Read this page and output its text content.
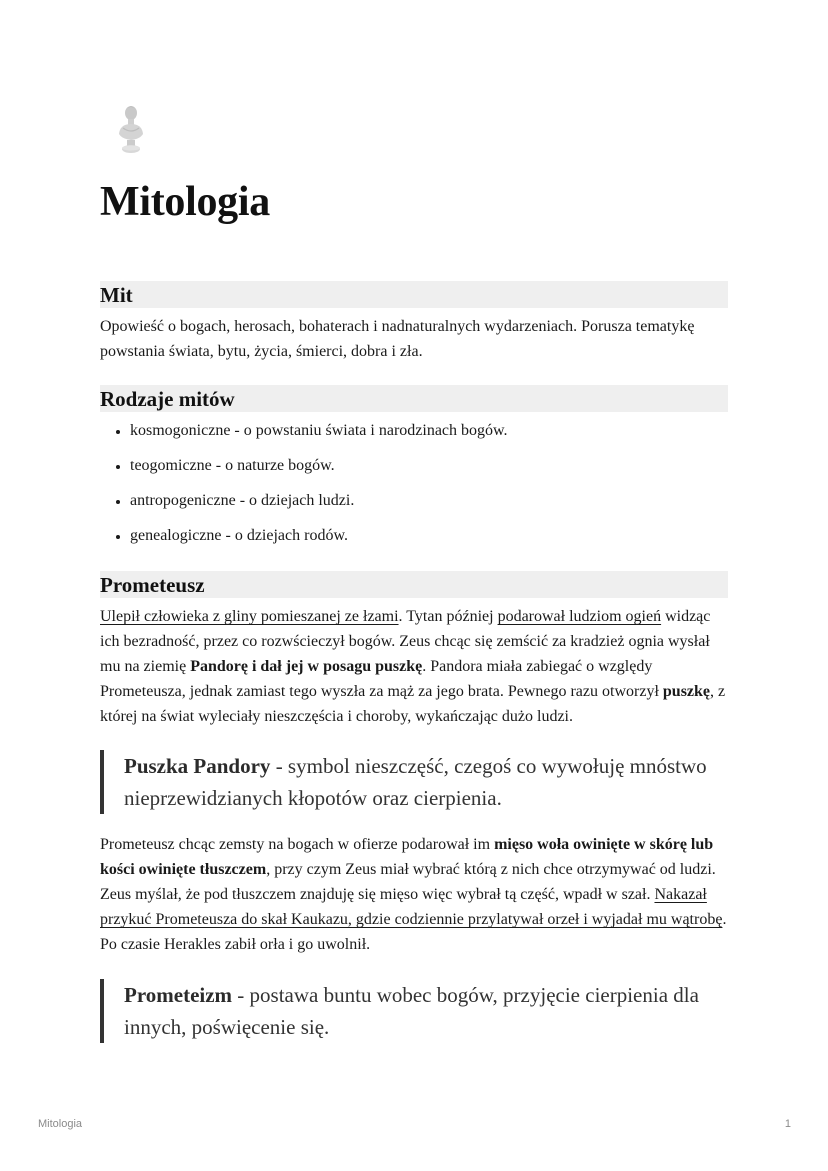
Mitologia
Mit

Opowieść o bogach, herosach, bohaterach i nadnaturalnych wydarzeniach. Porusza tematykę powstania świata, bytu, życia, śmierci, dobra i zła.

Rodzaje mitów
• kosmogoniczne - o powstaniu świata i narodzinach bogów.
• teogomiczne - o naturze bogów.
• antropogeniczne - o dziejach ludzi.
• genealogiczne - o dziejach rodów.
Prometeusz

Ulepił człowieka z gliny pomieszanej ze łzami. Tytan później podarował ludziom ogień widząc ich bezradność, przez co rozwścieczył bogów. Zeus chcąc się zemścić za kradzież ognia wysłał mu na ziemię Pandorę i dał jej w posagu puszkę. Pandora miała zabiegać o względy Prometeusza, jednak zamiast tego wyszła za mąż za jego brata. Pewnego razu otworzył puszkę, z której na świat wyleciały nieszczęścia i choroby, wykańczając dużo ludzi.

Puszka Pandory - symbol nieszczęść, czegoś co wywołuję mnóstwo nieprzewidzianych kłopotów oraz cierpienia.

Prometeusz chcąc zemsty na bogach w ofierze podarował im mięso woła owinięte w skórę lub kości owinięte tłuszczem, przy czym Zeus miał wybrać którą z nich chce otrzymywać od ludzi. Zeus myślał, że pod tłuszczem znajduję się mięso więc wybrał tą część, wpadł w szał. Nakazał przykuć Prometeusza do skał Kaukazu, gdzie codziennie przylatywał orzeł i wyjadał mu wątrobę. Po czasie Herakles zabił orła i go uwolnił.

Prometeizm - postawa buntu wobec bogów, przyjęcie cierpienia dla innych, poświęcenie się.
Mitologia	1
